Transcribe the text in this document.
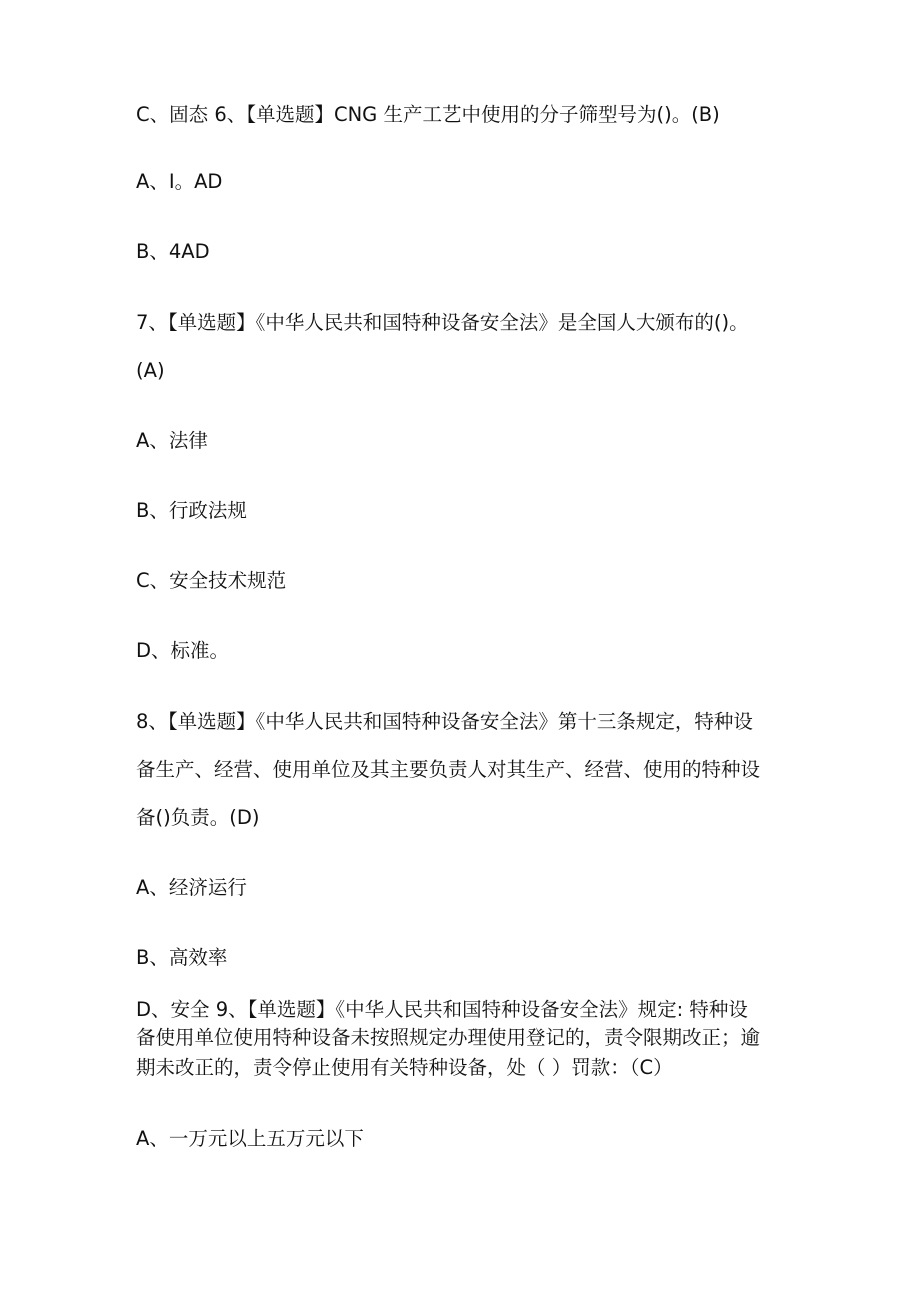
C、固态 6、【单选题】CNG 生产工艺中使用的分子筛型号为()。(B)

A、I。AD

B、4AD

7、【单选题】《中华人民共和国特种设备安全法》是全国人大颁布的()。

(A)

A、法律

B、行政法规

C、安全技术规范

D、标准。

8、【单选题】《中华人民共和国特种设备安全法》第十三条规定，特种设

备生产、经营、使用单位及其主要负责人对其生产、经营、使用的特种设

备()负责。(D)

A、经济运行

B、高效率

D、安全 9、【单选题】《中华人民共和国特种设备安全法》规定: 特种设

备使用单位使用特种设备未按照规定办理使用登记的，责令限期改正；逾

期未改正的，责令停止使用有关特种设备，处（ ）罚款：（C）

A、一万元以上五万元以下
